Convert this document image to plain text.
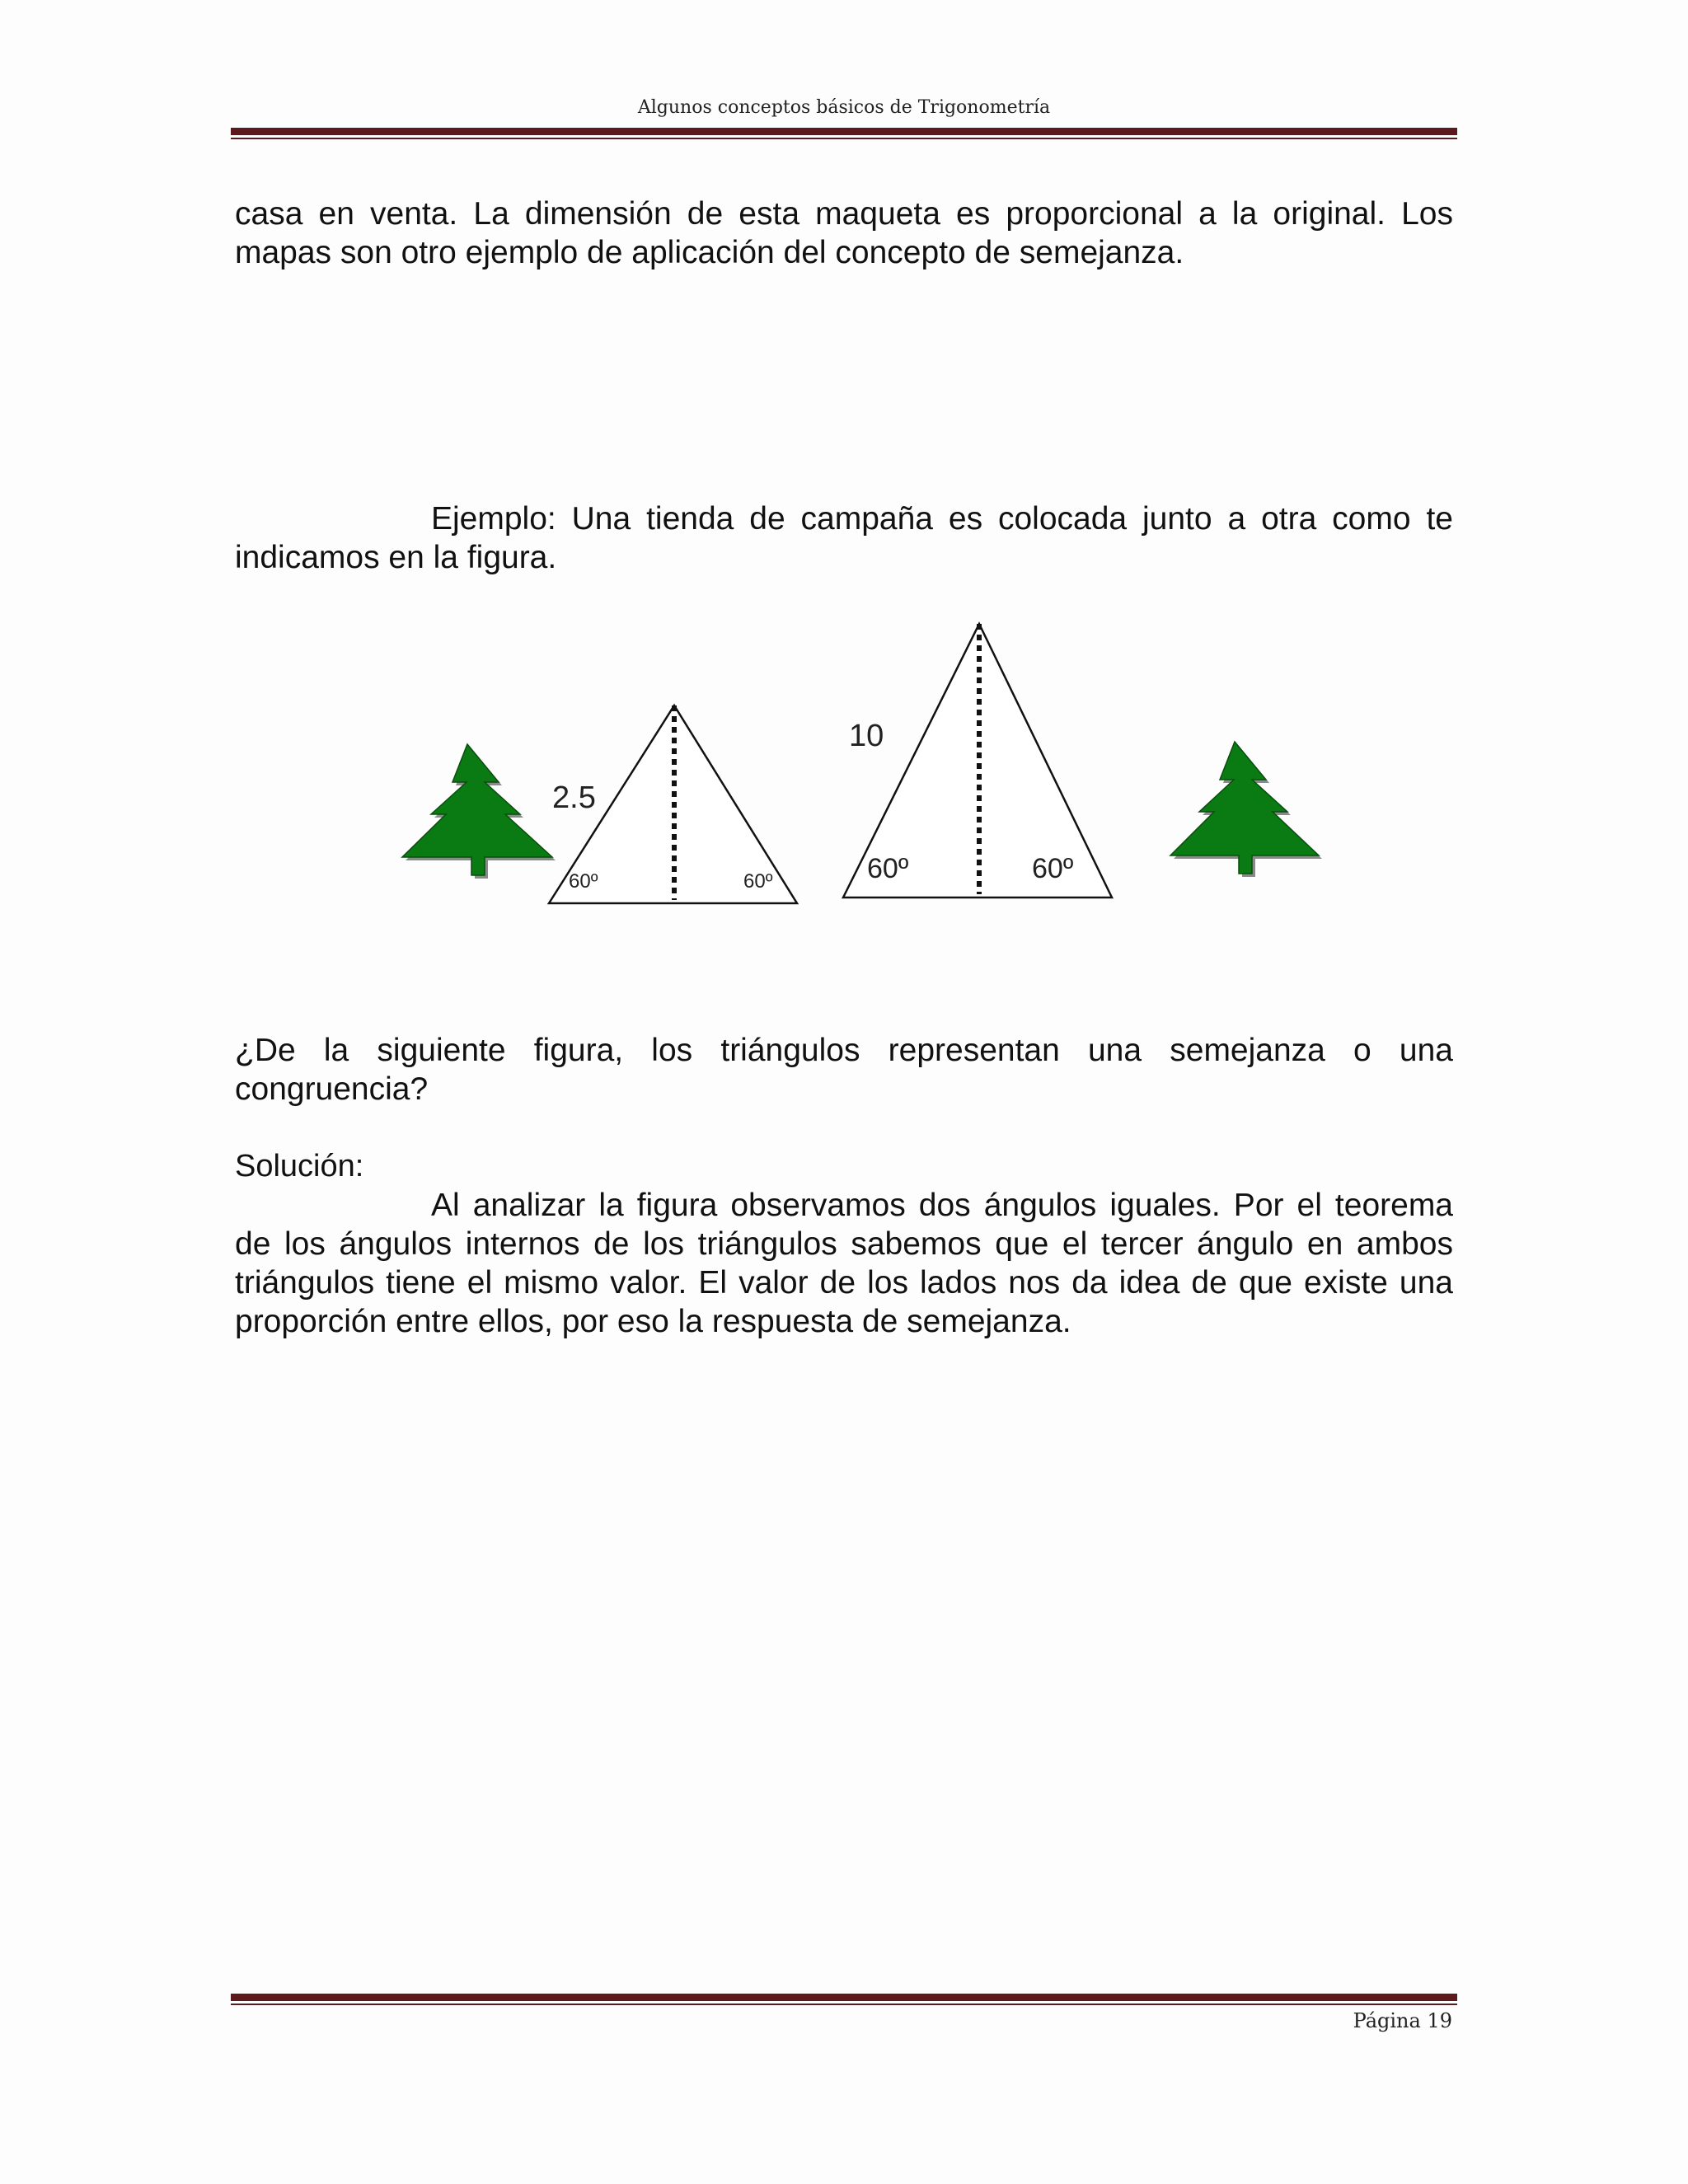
Algunos conceptos básicos de Trigonometría

casa en venta. La dimensión de esta maqueta es proporcional a la original. Los mapas son otro ejemplo de aplicación del concepto de semejanza.

Ejemplo: Una tienda de campaña es colocada junto a otra como te indicamos en la figura.

2.5
60º	60º
10
60º	60º

¿De la siguiente figura, los triángulos representan una semejanza o una congruencia?

Solución:

Al analizar la figura observamos dos ángulos iguales. Por el teorema de los ángulos internos de los triángulos sabemos que el tercer ángulo en ambos triángulos tiene el mismo valor. El valor de los lados nos da idea de que existe una proporción entre ellos, por eso la respuesta de semejanza.

Página 19
